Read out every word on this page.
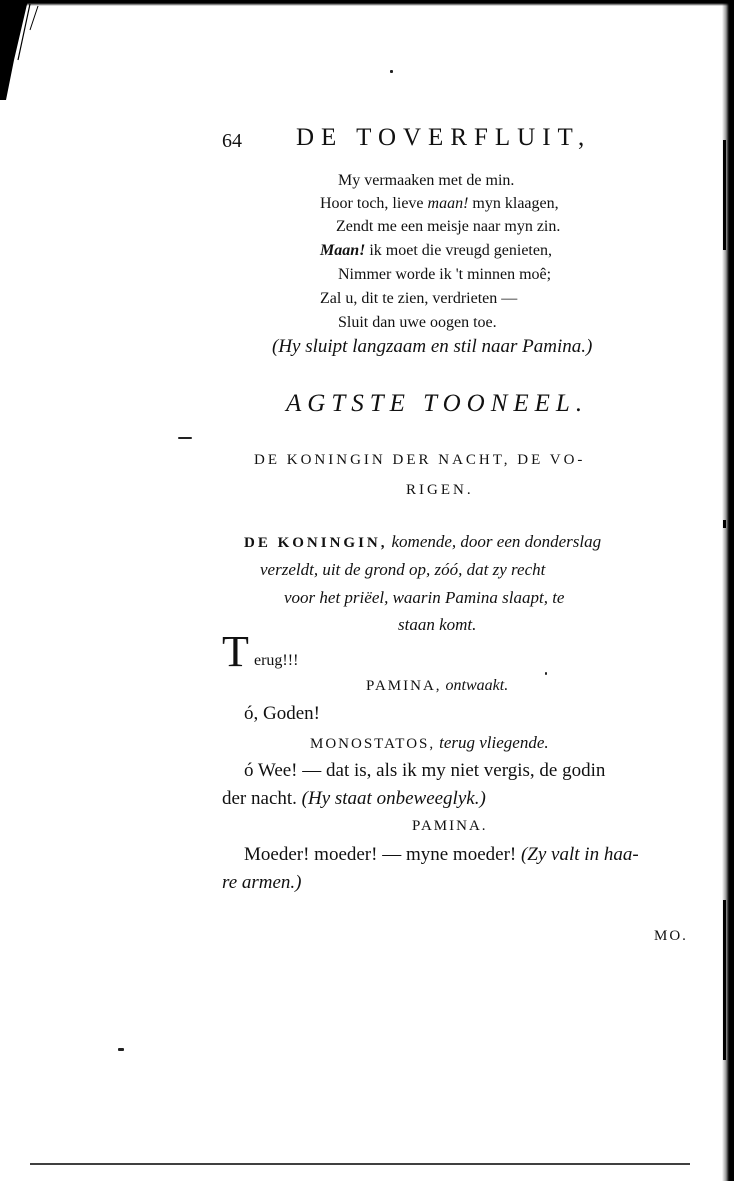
64 DE TOVERFLUIT,
My vermaaken met de min.
Hoor toch, lieve maan! myn klaagen,
Zendt me een meisje naar myn zin.
Maan! ik moet die vreugd genieten,
Nimmer worde ik 't minnen moê;
Zal u, dit te zien, verdrieten —
Sluit dan uwe oogen toe.
(Hy sluipt langzaam en stil naar Pamina.)
AGTSTE TOONEEL.
DE KONINGIN DER NACHT, DE VO-
RIGEN.
DE KONINGIN, komende, door een donderslag
verzeldt, uit de grond op, zóó, dat zy recht
voor het priëel, waarin Pamina slaapt, te
staan komt.
T erug!!!
PAMINA, ontwaakt.
ó, Goden!
MONOSTATOS, terug vliegende.
ó Wee! — dat is, als ik my niet vergis, de godin
der nacht. (Hy staat onbeweeglyk.)
PAMINA.
Moeder! moeder! — myne moeder! (Zy valt in haa-
re armen.)
MO.
